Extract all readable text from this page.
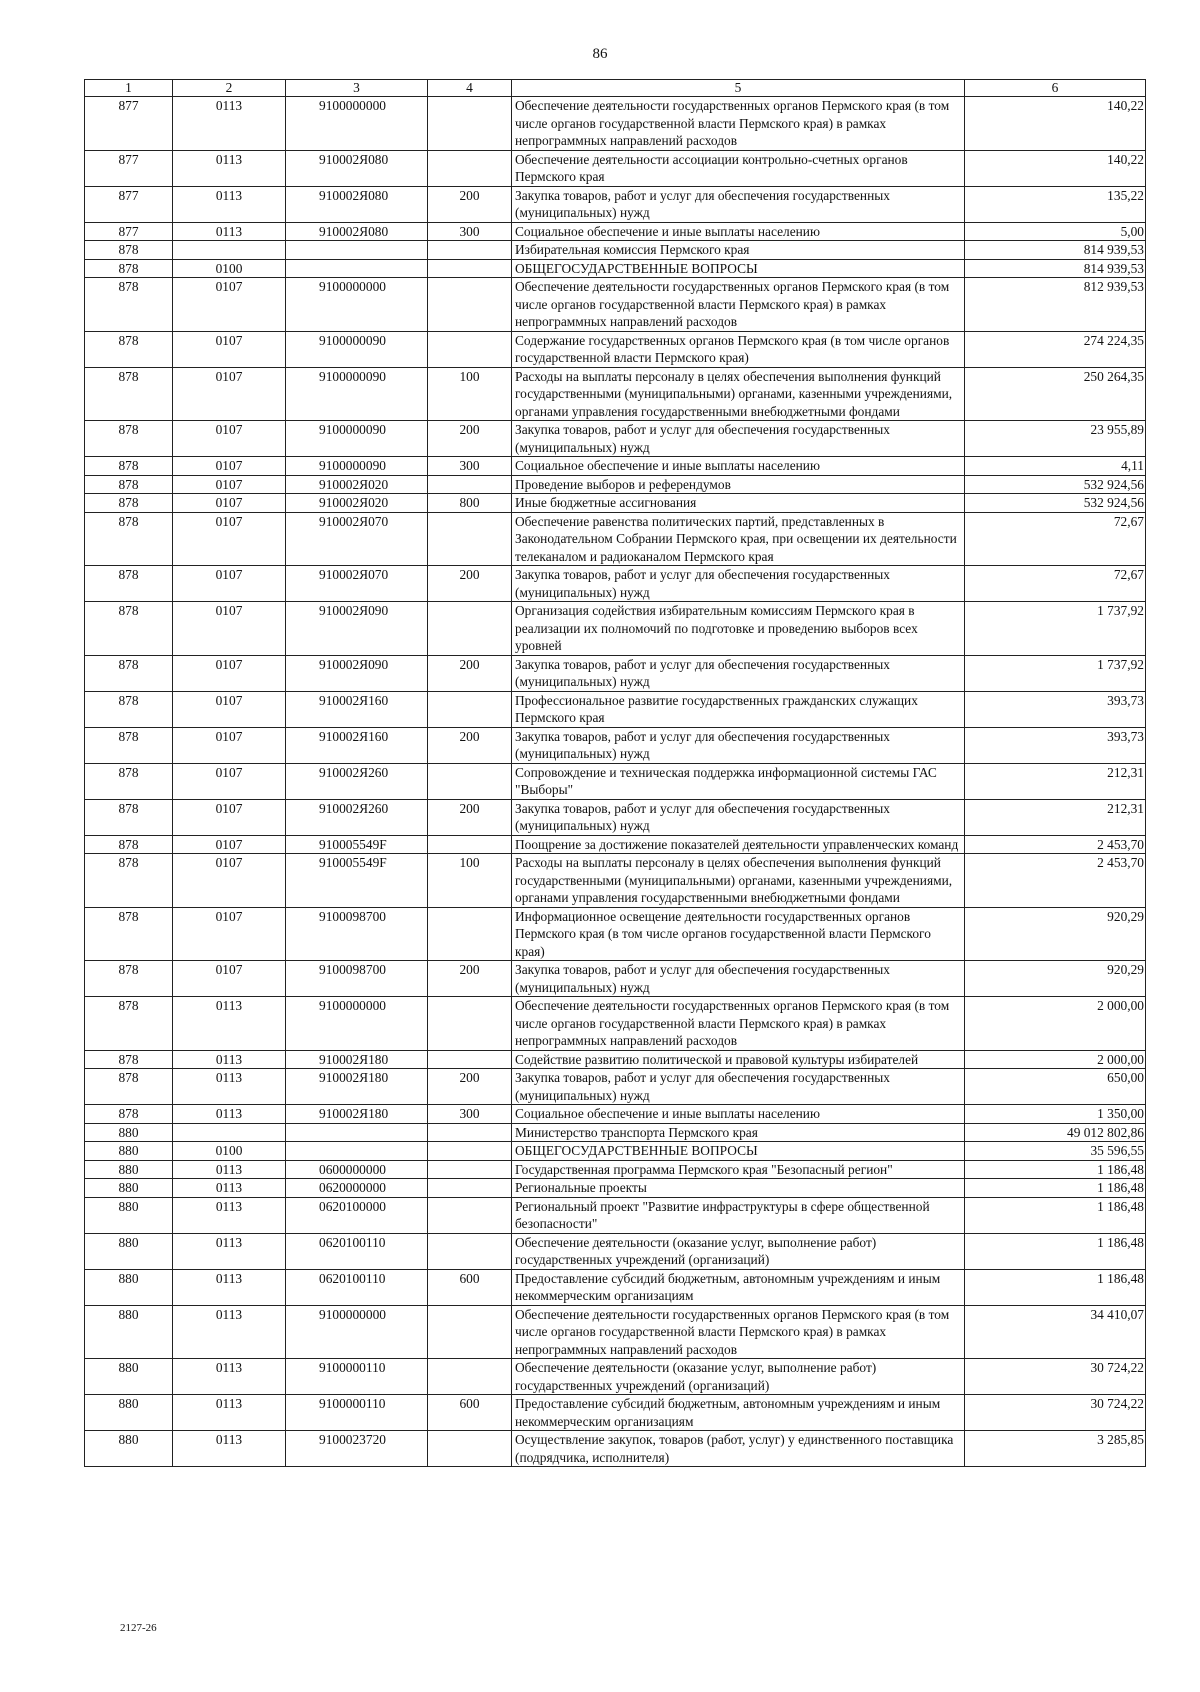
86
1	2	3	4	5	6
877	0113	9100000000		Обеспечение деятельности государственных органов Пермского края (в том числе органов государственной власти Пермского края) в рамках непрограммных направлений расходов	140,22
877	0113	910002Я080		Обеспечение деятельности ассоциации контрольно-счетных органов Пермского края	140,22
877	0113	910002Я080	200	Закупка товаров, работ и услуг для обеспечения государственных (муниципальных) нужд	135,22
877	0113	910002Я080	300	Социальное обеспечение и иные выплаты населению	5,00
878				Избирательная комиссия Пермского края	814 939,53
878	0100			ОБЩЕГОСУДАРСТВЕННЫЕ ВОПРОСЫ	814 939,53
878	0107	9100000000		Обеспечение деятельности государственных органов Пермского края (в том числе органов государственной власти Пермского края) в рамках непрограммных направлений расходов	812 939,53
878	0107	9100000090		Содержание государственных органов Пермского края (в том числе органов государственной власти Пермского края)	274 224,35
878	0107	9100000090	100	Расходы на выплаты персоналу в целях обеспечения выполнения функций государственными (муниципальными) органами, казенными учреждениями, органами управления государственными внебюджетными фондами	250 264,35
878	0107	9100000090	200	Закупка товаров, работ и услуг для обеспечения государственных (муниципальных) нужд	23 955,89
878	0107	9100000090	300	Социальное обеспечение и иные выплаты населению	4,11
878	0107	910002Я020		Проведение выборов и референдумов	532 924,56
878	0107	910002Я020	800	Иные бюджетные ассигнования	532 924,56
878	0107	910002Я070		Обеспечение равенства политических партий, представленных в Законодательном Собрании Пермского края, при освещении их деятельности телеканалом и радиоканалом Пермского края	72,67
878	0107	910002Я070	200	Закупка товаров, работ и услуг для обеспечения государственных (муниципальных) нужд	72,67
878	0107	910002Я090		Организация содействия избирательным комиссиям Пермского края в реализации их полномочий по подготовке и проведению выборов всех уровней	1 737,92
878	0107	910002Я090	200	Закупка товаров, работ и услуг для обеспечения государственных (муниципальных) нужд	1 737,92
878	0107	910002Я160		Профессиональное развитие государственных гражданских служащих Пермского края	393,73
878	0107	910002Я160	200	Закупка товаров, работ и услуг для обеспечения государственных (муниципальных) нужд	393,73
878	0107	910002Я260		Сопровождение и техническая поддержка информационной системы ГАС "Выборы"	212,31
878	0107	910002Я260	200	Закупка товаров, работ и услуг для обеспечения государственных (муниципальных) нужд	212,31
878	0107	910005549F		Поощрение за достижение показателей деятельности управленческих команд	2 453,70
878	0107	910005549F	100	Расходы на выплаты персоналу в целях обеспечения выполнения функций государственными (муниципальными) органами, казенными учреждениями, органами управления государственными внебюджетными фондами	2 453,70
878	0107	9100098700		Информационное освещение деятельности государственных органов Пермского края (в том числе органов государственной власти Пермского края)	920,29
878	0107	9100098700	200	Закупка товаров, работ и услуг для обеспечения государственных (муниципальных) нужд	920,29
878	0113	9100000000		Обеспечение деятельности государственных органов Пермского края (в том числе органов государственной власти Пермского края) в рамках непрограммных направлений расходов	2 000,00
878	0113	910002Я180		Содействие развитию политической и правовой культуры избирателей	2 000,00
878	0113	910002Я180	200	Закупка товаров, работ и услуг для обеспечения государственных (муниципальных) нужд	650,00
878	0113	910002Я180	300	Социальное обеспечение и иные выплаты населению	1 350,00
880				Министерство транспорта Пермского края	49 012 802,86
880	0100			ОБЩЕГОСУДАРСТВЕННЫЕ ВОПРОСЫ	35 596,55
880	0113	0600000000		Государственная программа Пермского края "Безопасный регион"	1 186,48
880	0113	0620000000		Региональные проекты	1 186,48
880	0113	0620100000		Региональный проект "Развитие инфраструктуры в сфере общественной безопасности"	1 186,48
880	0113	0620100110		Обеспечение деятельности (оказание услуг, выполнение работ) государственных учреждений (организаций)	1 186,48
880	0113	0620100110	600	Предоставление субсидий бюджетным, автономным учреждениям и иным некоммерческим организациям	1 186,48
880	0113	9100000000		Обеспечение деятельности государственных органов Пермского края (в том числе органов государственной власти Пермского края) в рамках непрограммных направлений расходов	34 410,07
880	0113	9100000110		Обеспечение деятельности (оказание услуг, выполнение работ) государственных учреждений (организаций)	30 724,22
880	0113	9100000110	600	Предоставление субсидий бюджетным, автономным учреждениям и иным некоммерческим организациям	30 724,22
880	0113	9100023720		Осуществление закупок, товаров (работ, услуг) у единственного поставщика (подрядчика, исполнителя)	3 285,85
2127-26
